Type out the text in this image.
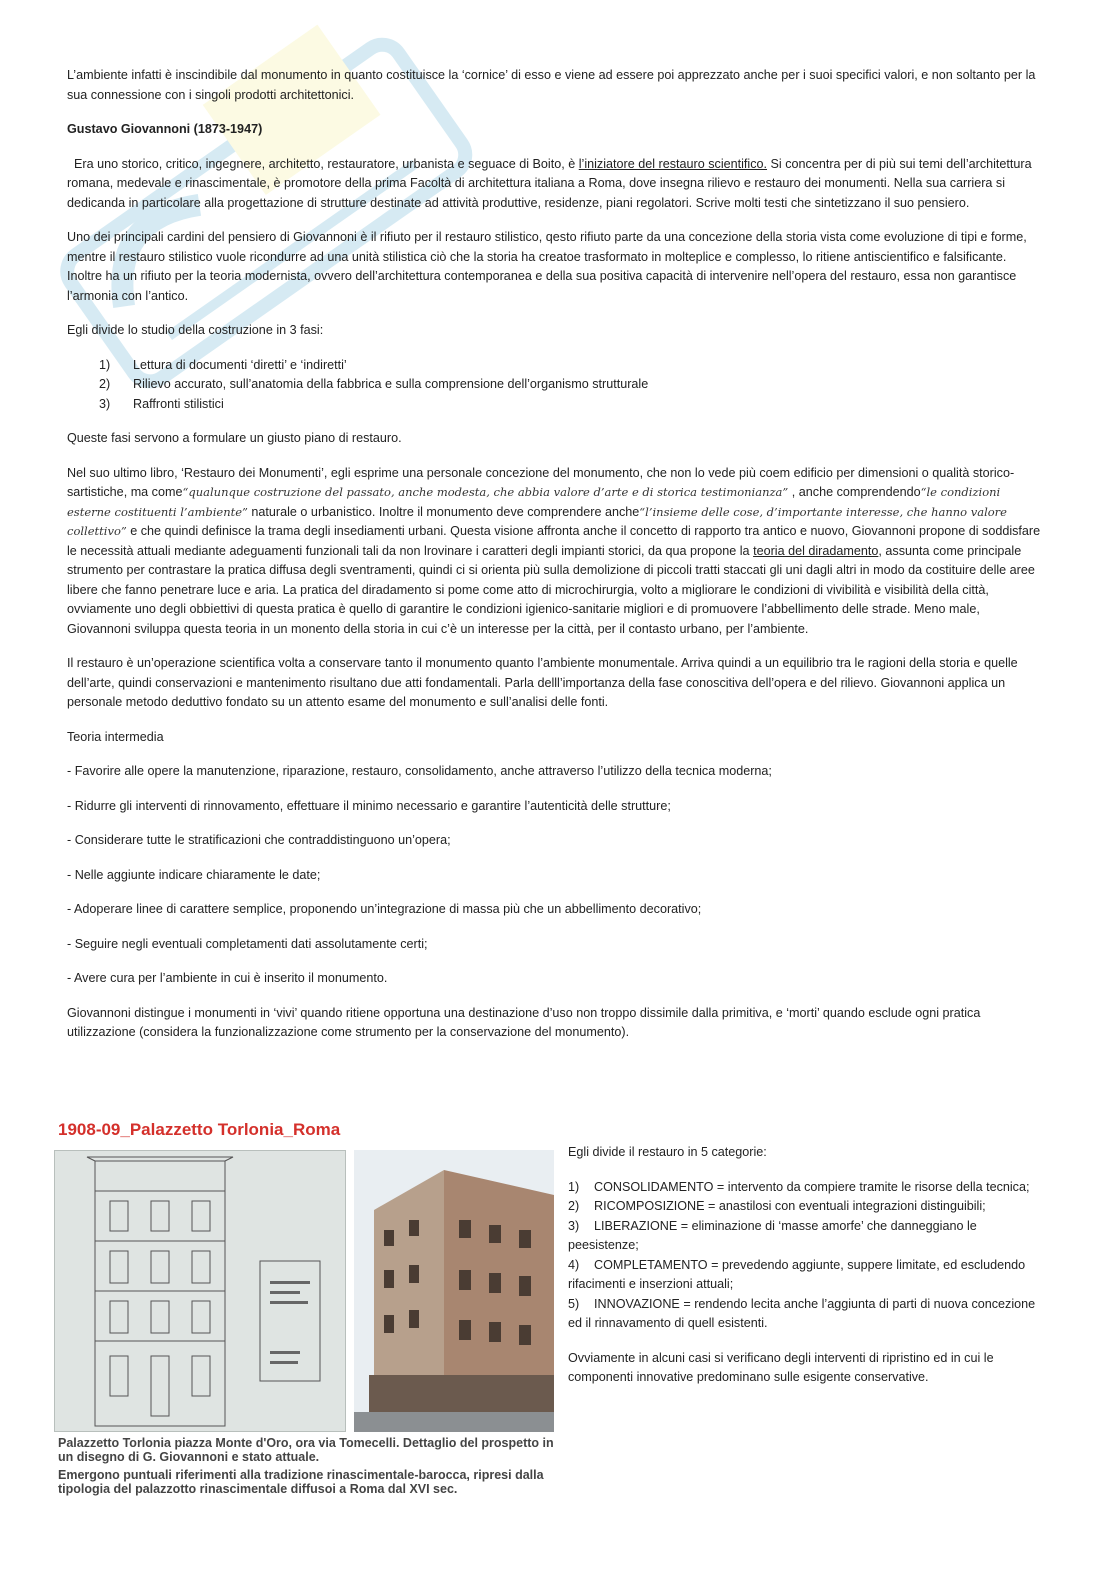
L’ambiente infatti è inscindibile dal monumento in quanto costituisce la ‘cornice’ di esso e viene ad essere poi apprezzato anche per i suoi specifici valori, e non soltanto per la sua connessione con i singoli prodotti architettonici.

Gustavo Giovannoni (1873-1947)

Era uno storico, critico, ingegnere, architetto, restauratore, urbanista e seguace di Boito, è l’iniziatore del restauro scientifico. Si concentra per di più sui temi dell’architettura romana, medevale e rinascimentale, è promotore della prima Facoltà di architettura italiana a Roma, dove insegna rilievo e restauro dei monumenti. Nella sua carriera si dedicanda in particolare alla progettazione di strutture destinate ad attività produttive, residenze, piani regolatori. Scrive molti testi che sintetizzano il suo pensiero.

Uno dei principali cardini del pensiero di Giovannoni è il rifiuto per il restauro stilistico, qesto rifiuto parte da una concezione della storia vista come evoluzione di tipi e forme, mentre il restauro stilistico vuole ricondurre ad una unità stilistica ciò che la storia ha creatoe trasformato in molteplice e complesso, lo ritiene antiscientifico e falsificante. Inoltre ha un rifiuto per la teoria modernista, ovvero dell’architettura contemporanea e della sua positiva capacità di intervenire nell’opera del restauro, essa non garantisce l’armonia con l’antico.

Egli divide lo studio della costruzione in 3 fasi:

1)	Lettura di documenti ‘diretti’ e ‘indiretti’
2)	Rilievo accurato, sull’anatomia della fabbrica e sulla comprensione dell’organismo strutturale
3)	Raffronti stilistici

Queste fasi servono a formulare un giusto piano di restauro.

Nel suo ultimo libro, ‘Restauro dei Monumenti’, egli esprime una personale concezione del monumento, che non lo vede più coem edificio per dimensioni o qualità storico-sartistiche, ma come“qualunque costruzione del passato, anche modesta, che abbia valore d’arte e di storica testimonianza” , anche comprendendo“le condizioni esterne costituenti l’ambiente” naturale o urbanistico. Inoltre il monumento deve comprendere anche“l’insieme delle cose, d’importante interesse, che hanno valore collettivo” e che quindi definisce la trama degli insediamenti urbani. Questa visione affronta anche il concetto di rapporto tra antico e nuovo, Giovannoni propone di soddisfare le necessità attuali mediante adeguamenti funzionali tali da non lrovinare i caratteri degli impianti storici, da qua propone la teoria del diradamento, assunta come principale strumento per contrastare la pratica diffusa degli sventramenti, quindi ci si orienta più sulla demolizione di piccoli tratti staccati gli uni dagli altri in modo da costituire delle aree libere che fanno penetrare luce e aria. La pratica del diradamento si pome come atto di microchirurgia, volto a migliorare le condizioni di vivibilità e visibilità della città, ovviamente uno degli obbiettivi di questa pratica è quello di garantire le condizioni igienico-sanitarie migliori e di promuovere l’abbellimento delle strade. Meno male, Giovannoni sviluppa questa teoria in un monento della storia in cui c’è un interesse per la città, per il contasto urbano, per l’ambiente.

Il restauro è un’operazione scientifica volta a conservare tanto il monumento quanto l’ambiente monumentale. Arriva quindi a un equilibrio tra le ragioni della storia e quelle dell’arte, quindi conservazioni e mantenimento risultano due atti fondamentali. Parla delll’importanza della fase conoscitiva dell’opera e del rilievo. Giovannoni applica un personale metodo deduttivo fondato su un attento esame del monumento e sull’analisi delle fonti.

Teoria intermedia

- Favorire alle opere la manutenzione, riparazione, restauro, consolidamento, anche attraverso l’utilizzo della tecnica moderna;

- Ridurre gli interventi di rinnovamento, effettuare il minimo necessario e garantire l’autenticità delle strutture;

- Considerare tutte le stratificazioni che contraddistinguono un’opera;

- Nelle aggiunte indicare chiaramente le date;

- Adoperare linee di carattere semplice, proponendo un’integrazione di massa più che un abbellimento decorativo;

- Seguire negli eventuali completamenti dati assolutamente certi;

- Avere cura per l’ambiente in cui è inserito il monumento.

Giovannoni distingue i monumenti in ‘vivi’ quando ritiene opportuna una destinazione d’uso non troppo dissimile dalla primitiva, e ‘morti’ quando esclude ogni pratica utilizzazione (considera la funzionalizzazione come strumento per la conservazione del monumento).

1908-09_Palazzetto Torlonia_Roma

Palazzetto Torlonia piazza Monte d'Oro, ora via Tomecelli. Dettaglio del prospetto in un disegno di G. Giovannoni e stato attuale.

Emergono puntuali riferimenti alla tradizione rinascimentale-barocca, ripresi dalla tipologia del palazzotto rinascimentale diffusoi a Roma dal XVI sec.

Egli divide il restauro in 5 categorie:

1) CONSOLIDAMENTO = intervento da compiere tramite le risorse della tecnica;
2) RICOMPOSIZIONE = anastilosi con eventuali integrazioni distinguibili;
3) LIBERAZIONE = eliminazione di ‘masse amorfe’ che danneggiano le peesistenze;
4) COMPLETAMENTO = prevedendo aggiunte, suppere limitate, ed escludendo rifacimenti e inserzioni attuali;
5) INNOVAZIONE = rendendo lecita anche l’aggiunta di parti di nuova concezione ed il rinnavamento di quell esistenti.

Ovviamente in alcuni casi si verificano degli interventi di ripristino ed in cui le componenti innovative predominano sulle esigente conservative.
